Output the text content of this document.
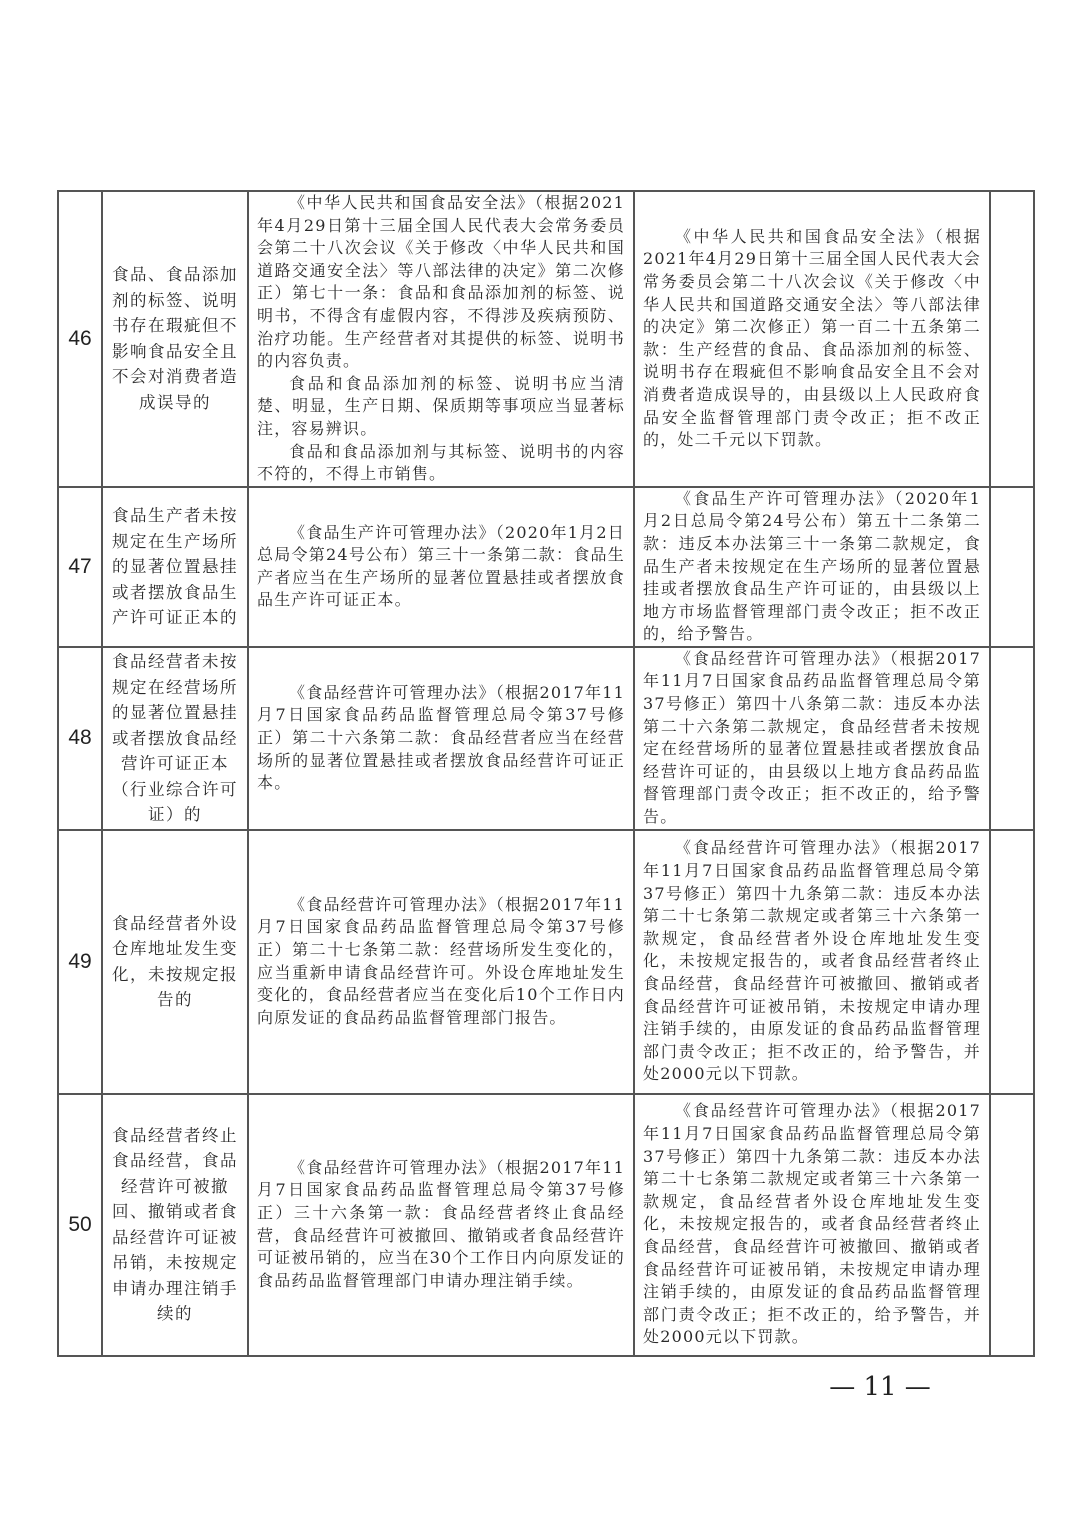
46	食品、食品添加剂的标签、说明书存在瑕疵但不影响食品安全且不会对消费者造成误导的	《中华人民共和国食品安全法》（根据2021年4月29日第十三届全国人民代表大会常务委员会第二十八次会议《关于修改〈中华人民共和国道路交通安全法〉等八部法律的决定》第二次修正）第七十一条：食品和食品添加剂的标签、说明书，不得含有虚假内容，不得涉及疾病预防、治疗功能。生产经营者对其提供的标签、说明书的内容负责。

食品和食品添加剂的标签、说明书应当清楚、明显，生产日期、保质期等事项应当显著标注，容易辨识。

食品和食品添加剂与其标签、说明书的内容不符的，不得上市销售。	《中华人民共和国食品安全法》（根据2021年4月29日第十三届全国人民代表大会常务委员会第二十八次会议《关于修改〈中华人民共和国道路交通安全法〉等八部法律的决定》第二次修正）第一百二十五条第二款：生产经营的食品、食品添加剂的标签、说明书存在瑕疵但不影响食品安全且不会对消费者造成误导的，由县级以上人民政府食品安全监督管理部门责令改正；拒不改正的，处二千元以下罚款。	

47	食品生产者未按规定在生产场所的显著位置悬挂或者摆放食品生产许可证正本的	《食品生产许可管理办法》（2020年1月2日总局令第24号公布）第三十一条第二款：食品生产者应当在生产场所的显著位置悬挂或者摆放食品生产许可证正本。	《食品生产许可管理办法》（2020年1月2日总局令第24号公布）第五十二条第二款：违反本办法第三十一条第二款规定，食品生产者未按规定在生产场所的显著位置悬挂或者摆放食品生产许可证的，由县级以上地方市场监督管理部门责令改正；拒不改正的，给予警告。	

48	食品经营者未按规定在经营场所的显著位置悬挂或者摆放食品经营许可证正本（行业综合许可证）的	《食品经营许可管理办法》（根据2017年11月7日国家食品药品监督管理总局令第37号修正）第二十六条第二款：食品经营者应当在经营场所的显著位置悬挂或者摆放食品经营许可证正本。	《食品经营许可管理办法》（根据2017年11月7日国家食品药品监督管理总局令第37号修正）第四十八条第二款：违反本办法第二十六条第二款规定，食品经营者未按规定在经营场所的显著位置悬挂或者摆放食品经营许可证的，由县级以上地方食品药品监督管理部门责令改正；拒不改正的，给予警告。	

49	食品经营者外设仓库地址发生变化，未按规定报告的	《食品经营许可管理办法》（根据2017年11月7日国家食品药品监督管理总局令第37号修正）第二十七条第二款：经营场所发生变化的，应当重新申请食品经营许可。外设仓库地址发生变化的，食品经营者应当在变化后10个工作日内向原发证的食品药品监督管理部门报告。	《食品经营许可管理办法》（根据2017年11月7日国家食品药品监督管理总局令第37号修正）第四十九条第二款：违反本办法第二十七条第二款规定或者第三十六条第一款规定，食品经营者外设仓库地址发生变化，未按规定报告的，或者食品经营者终止食品经营，食品经营许可被撤回、撤销或者食品经营许可证被吊销，未按规定申请办理注销手续的，由原发证的食品药品监督管理部门责令改正；拒不改正的，给予警告，并处2000元以下罚款。	

50	食品经营者终止食品经营，食品经营许可被撤回、撤销或者食品经营许可证被吊销，未按规定申请办理注销手续的	《食品经营许可管理办法》（根据2017年11月7日国家食品药品监督管理总局令第37号修正）三十六条第一款：食品经营者终止食品经营，食品经营许可被撤回、撤销或者食品经营许可证被吊销的，应当在30个工作日内向原发证的食品药品监督管理部门申请办理注销手续。	《食品经营许可管理办法》（根据2017年11月7日国家食品药品监督管理总局令第37号修正）第四十九条第二款：违反本办法第二十七条第二款规定或者第三十六条第一款规定，食品经营者外设仓库地址发生变化，未按规定报告的，或者食品经营者终止食品经营，食品经营许可被撤回、撤销或者食品经营许可证被吊销，未按规定申请办理注销手续的，由原发证的食品药品监督管理部门责令改正；拒不改正的，给予警告，并处2000元以下罚款。	

— 11 —
